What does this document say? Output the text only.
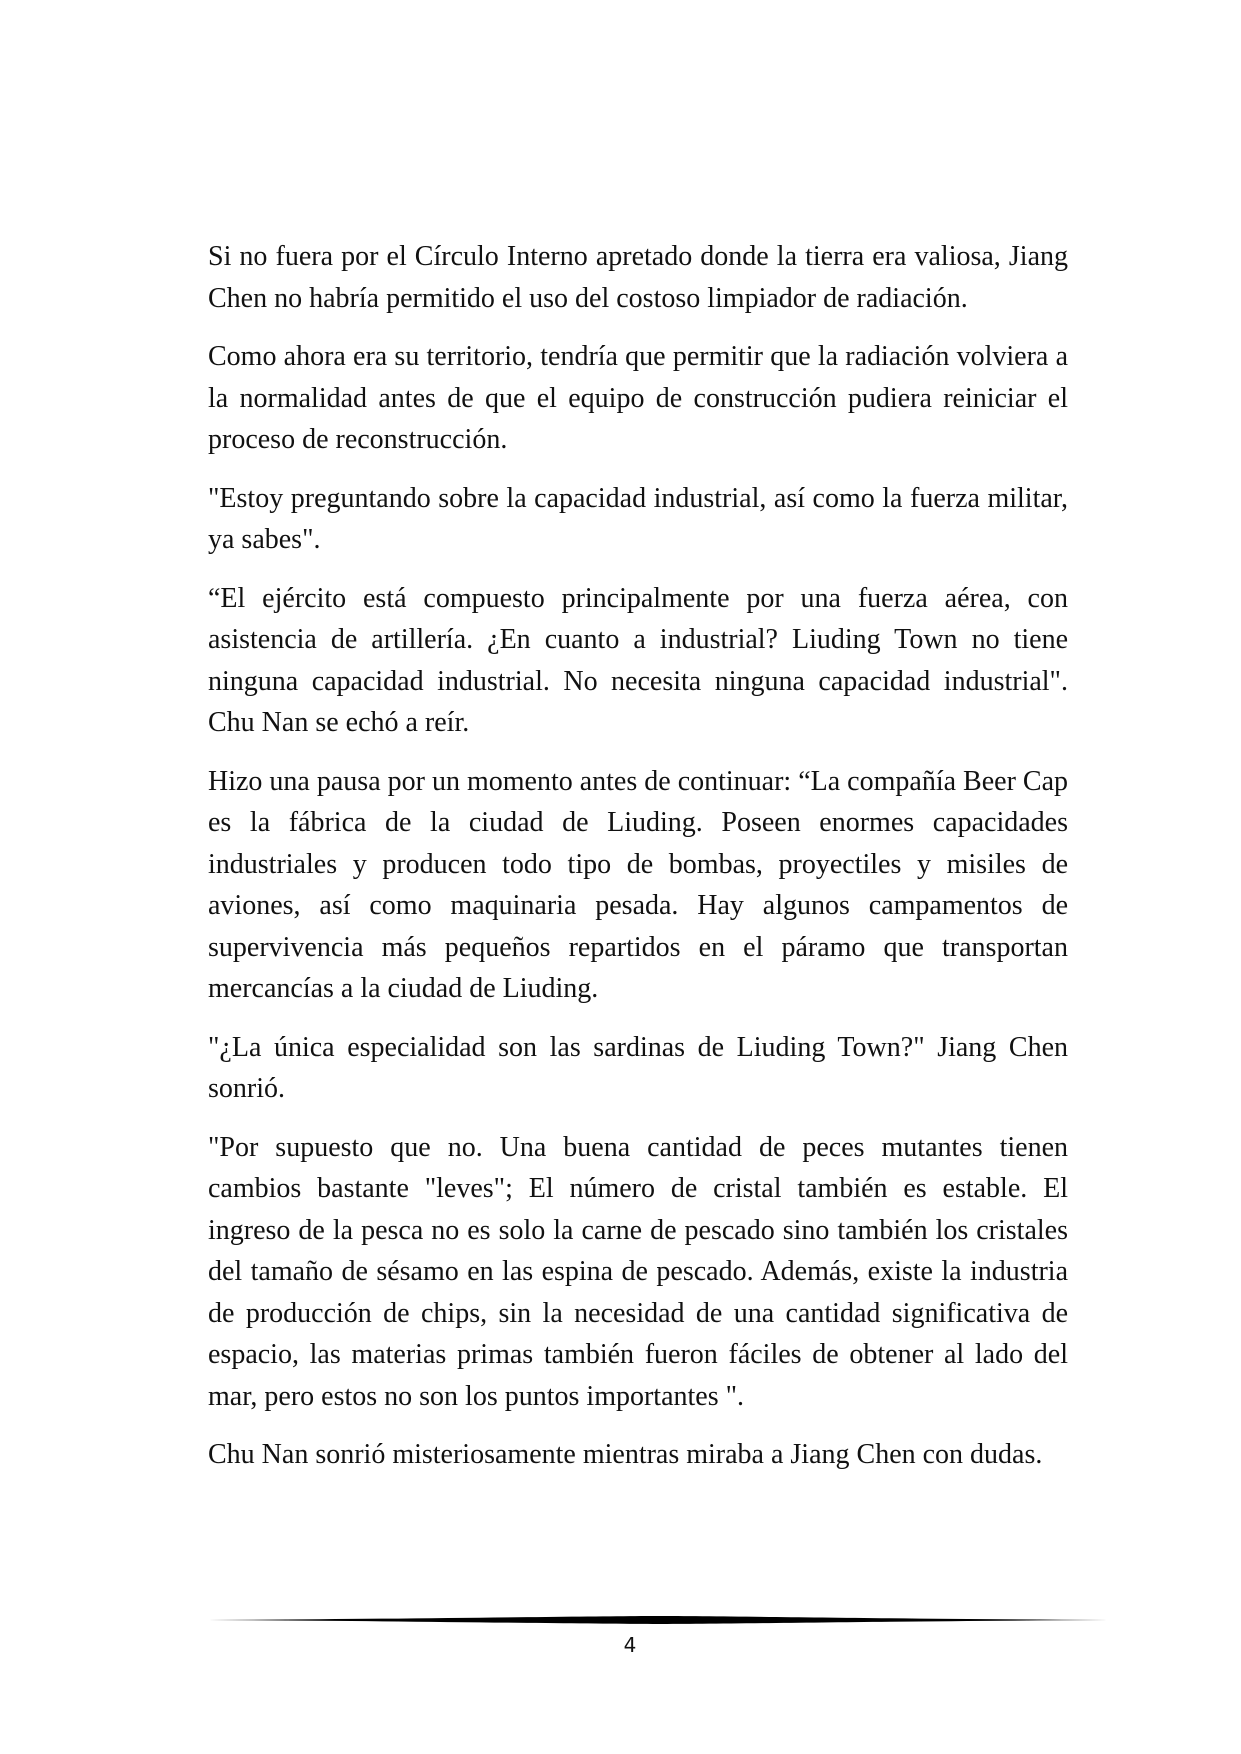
Si no fuera por el Círculo Interno apretado donde la tierra era valiosa, Jiang Chen no habría permitido el uso del costoso limpiador de radiación.

Como ahora era su territorio, tendría que permitir que la radiación volviera a la normalidad antes de que el equipo de construcción pudiera reiniciar el proceso de reconstrucción.

"Estoy preguntando sobre la capacidad industrial, así como la fuerza militar, ya sabes".

“El ejército está compuesto principalmente por una fuerza aérea, con asistencia de artillería. ¿En cuanto a industrial? Liuding Town no tiene ninguna capacidad industrial. No necesita ninguna capacidad industrial". Chu Nan se echó a reír.

Hizo una pausa por un momento antes de continuar: “La compañía Beer Cap es la fábrica de la ciudad de Liuding. Poseen enormes capacidades industriales y producen todo tipo de bombas, proyectiles y misiles de aviones, así como maquinaria pesada. Hay algunos campamentos de supervivencia más pequeños repartidos en el páramo que transportan mercancías a la ciudad de Liuding.

"¿La única especialidad son las sardinas de Liuding Town?" Jiang Chen sonrió.

"Por supuesto que no. Una buena cantidad de peces mutantes tienen cambios bastante "leves"; El número de cristal también es estable. El ingreso de la pesca no es solo la carne de pescado sino también los cristales del tamaño de sésamo en las espina de pescado. Además, existe la industria de producción de chips, sin la necesidad de una cantidad significativa de espacio, las materias primas también fueron fáciles de obtener al lado del mar, pero estos no son los puntos importantes ".

Chu Nan sonrió misteriosamente mientras miraba a Jiang Chen con dudas.

4
